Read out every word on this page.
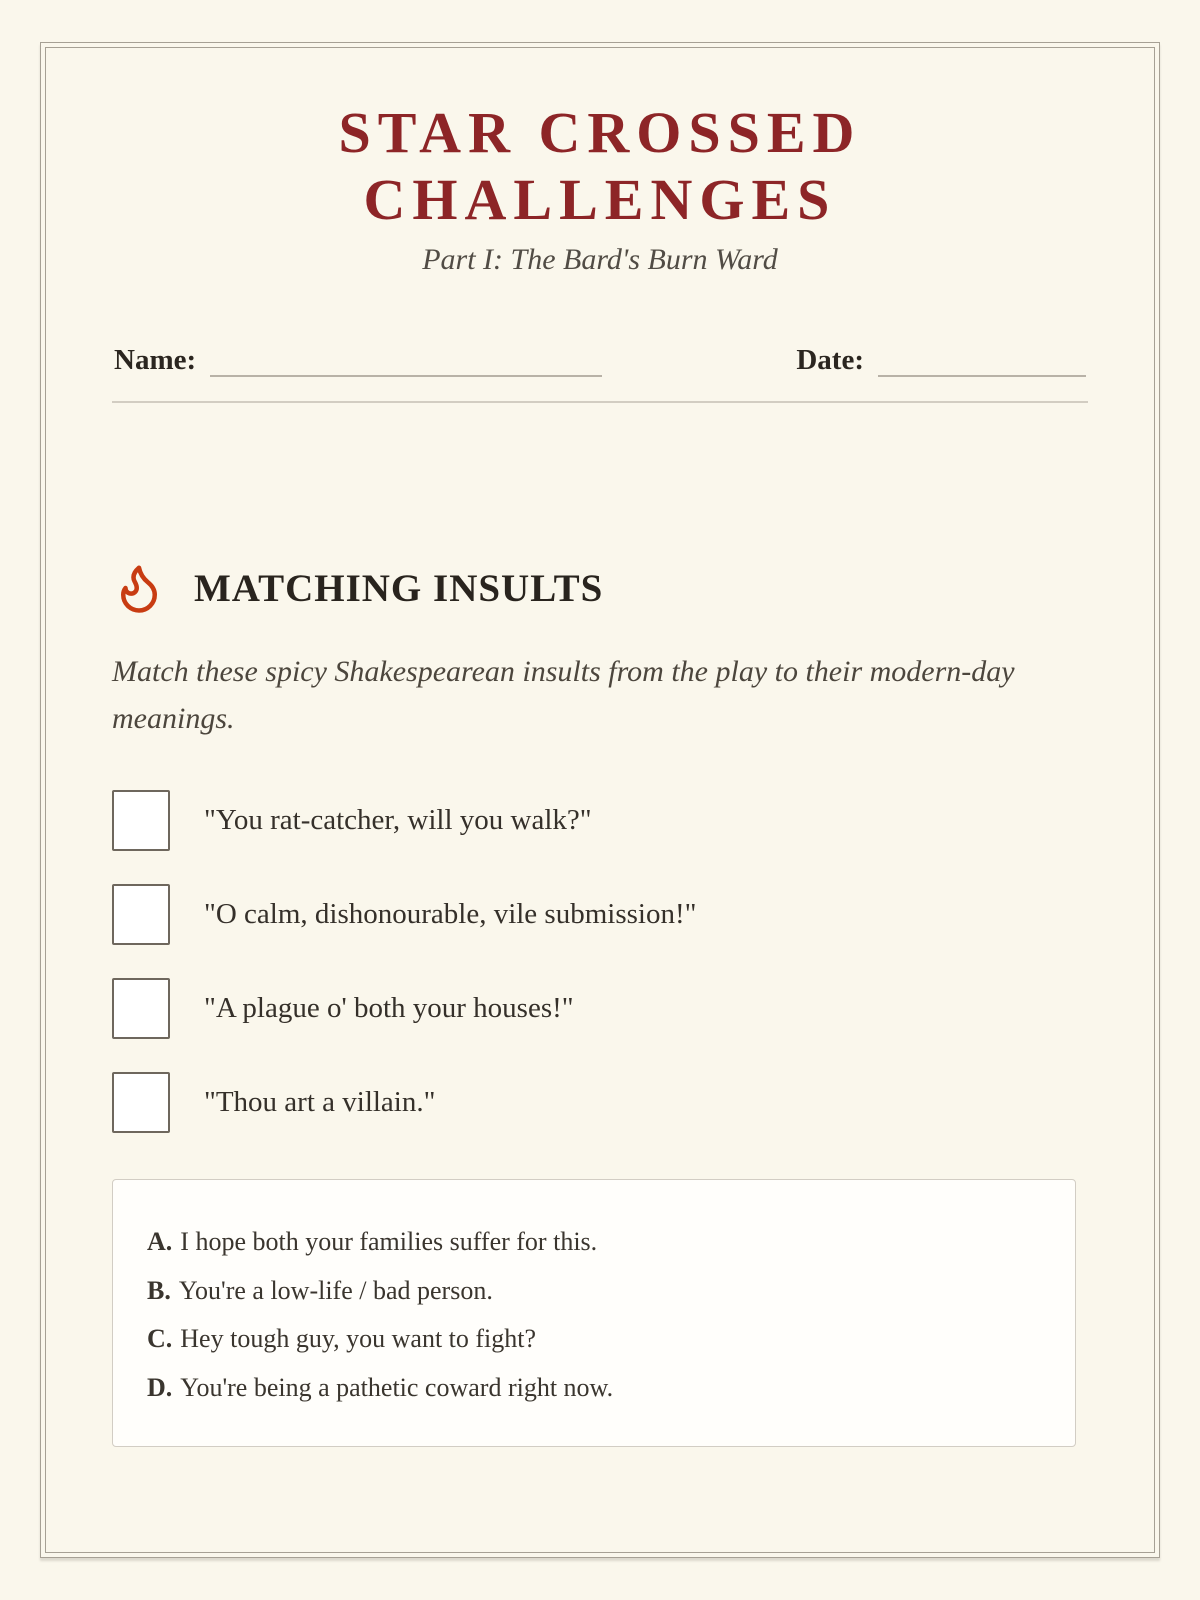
STAR CROSSED CHALLENGES
Part I: The Bard's Burn Ward
Name:	Date:
MATCHING INSULTS
Match these spicy Shakespearean insults from the play to their modern-day meanings.
"You rat-catcher, will you walk?"
"O calm, dishonourable, vile submission!"
"A plague o' both your houses!"
"Thou art a villain."
A. I hope both your families suffer for this.
B. You're a low-life / bad person.
C. Hey tough guy, you want to fight?
D. You're being a pathetic coward right now.
